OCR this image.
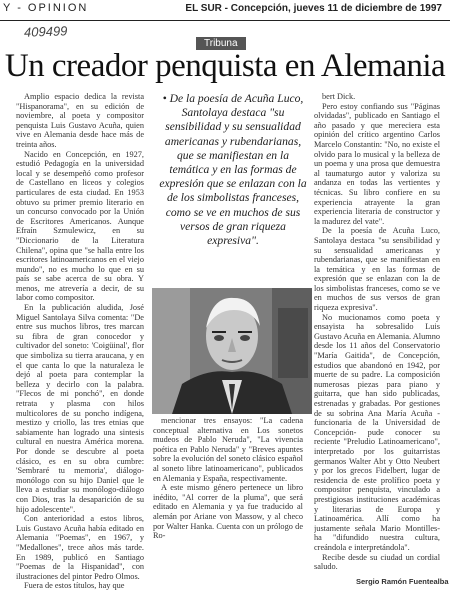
Y - OPINION	EL SUR - Concepción, jueves 11 de diciembre de 1997
409499
Tribuna
Un creador penquista en Alemania

Amplio espacio dedica la revista "Hispanorama", en su edición de noviembre, al poeta y compositor penquista Luis Gustavo Acuña, quien vive en Alemania desde hace más de treinta años.

Nacido en Concepción, en 1927, estudió Pedagogía en la universidad local y se desempeñó como profesor de Castellano en liceos y colegios particulares de esta ciudad. En 1953 obtuvo su primer premio literario en un concurso convocado por la Unión de Escritores Americanos. Aunque Efraín Szmulewicz, en su "Diccionario de la Literatura Chilena", opina que "se halla entre los escritores latinoamericanos en el viejo mundo", no es mucho lo que en su país se sabe acerca de su obra. Y menos, me atrevería a decir, de su labor como compositor.

En la publicación aludida, José Miguel Santolaya Silva comenta: "De entre sus muchos libros, tres marcan su fibra de gran conocedor y cultivador del soneto: 'Coigüinal', flor que simboliza su tierra araucana, y en el que canta lo que la naturaleza le dejó al poeta para contemplar la belleza y decirlo con la palabra. "Flecos de mi ponchó", en donde retrata y plasma con hilos multicolores de su poncho indígena, mestizo y criollo, las tres etnias que sabiamente han logrado una sintesis cultural en nuestra América morena. Por donde se descubre al poeta clásico, es en su obra cumbre: 'Sembraré tu memoria', diálogo-monólogo con su hijo Daniel que le lleva a estudiar su monólogo-diálogo con Dios, tras la desaparición de su hijo adolescente".

Con anterioridad a estos libros, Luis Gustavo Acuña había editado en Alemania "Poemas", en 1967, y "Medallones", trece años más tarde. En 1989, publicó en Santiago "Poemas de la Hispanidad", con ilustraciones del pintor Pedro Olmos.

Fuera de estos títulos, hay que

• De la poesía de Acuña Luco, Santolaya destaca "su sensibilidad y su sensualidad americanas y rubendarianas, que se manifiestan en la temática y en las formas de expresión que se enlazan con la de los simbolistas franceses, como se ve en muchos de sus versos de gran riqueza expresiva".

mencionar tres ensayos: "La cadena conceptual alternativa en Los sonetos mudeos de Pablo Neruda", "La vivencia poética en Pablo Neruda" y "Breves apuntes sobre la evolución del soneto clásico español al soneto libre latinoamericano", publicados en Alemania y España, respectivamente.

A este mismo género pertenece un libro inédito, "Al correr de la pluma", que será editado en Alemania y ya fue traducido al alemán por Ariane von Massow, y al checo por Walter Hanka. Cuenta con un prólogo de Ro-

bert Dick.

Pero estoy confiando sus "Páginas olvidadas", publicado en Santiago el año pasado y que mereciera esta opinión del crítico argentino Carlos Marcelo Constantin: "No, no existe el olvido para lo musical y la belleza de un poema y una prosa que demuestra al taumaturgo autor y valoriza su andanza en todas las vertientes y técnicas. Su libro confiere en su experiencia atrayente la gran experiencia literaria de constructor y la madurez del vate".

De la poesía de Acuña Luco, Santolaya destaca "su sensibilidad y su sensualidad americanas y rubendarianas, que se manifiestan en la temática y en las formas de expresión que se enlazan con la de los simbolistas franceses, como se ve en muchos de sus versos de gran riqueza expresiva".

No mucionamos como poeta y ensayista ha sobresalido Luis Gustavo Acuña en Alemania. Alumno desde los 11 años del Conservatorio "María Gaitida", de Concepción, estudios que abandonó en 1942, por muerte de su padre. La composición numerosas piezas para piano y guitarra, que han sido publicadas, estrenadas y grabadas. Por gestiones de su sobrina Ana María Acuña -funcionaria de la Universidad de Concepción- pude conocer su reciente "Preludio Latinoamericano", interpretado por los guitarristas germanos Walter Abt y Otto Neubert y por los grecos Fidelbert, lugar de residencia de este prolífico poeta y compositor penquista, vinculado a prestigiosas instituciones académicas y literarias de Europa y Latinoamérica. Allí como ha justamente señala Mario Montilles- ha "difundido nuestra cultura, creándola e interpretándola".

Recibe desde su ciudad un cordial saludo.

Sergio Ramón Fuentealba
